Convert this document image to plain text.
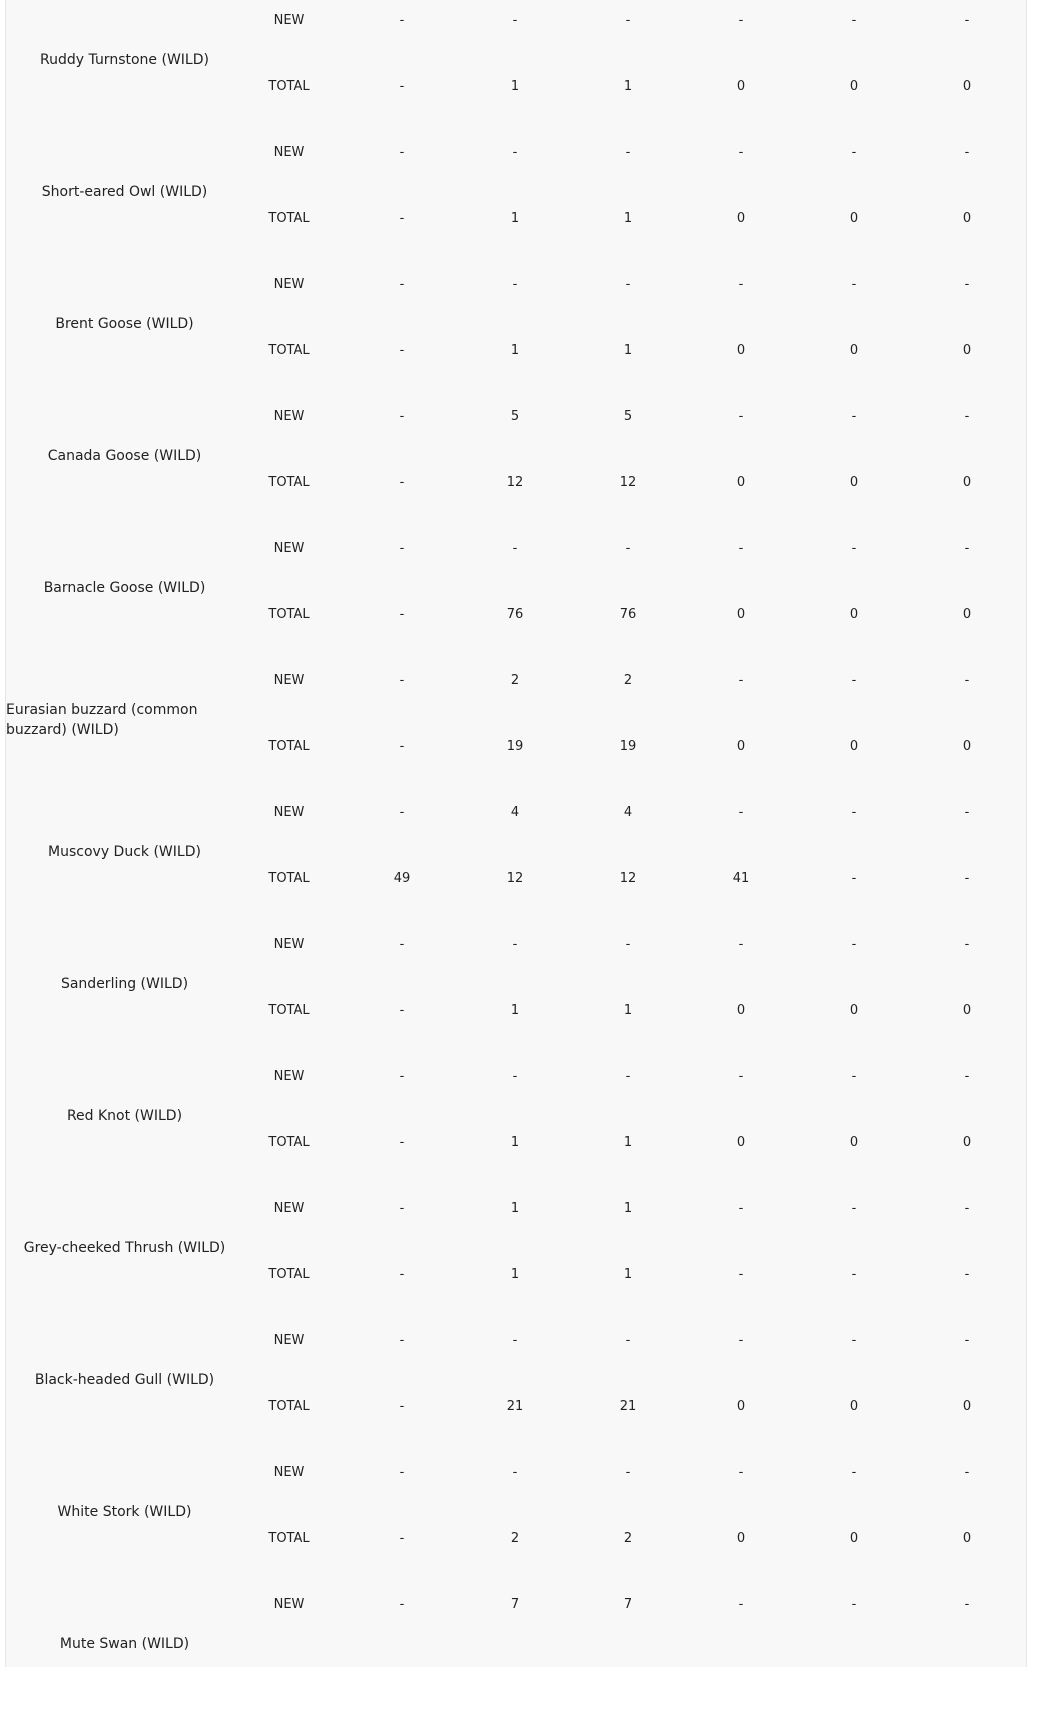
Ruddy Turnstone (WILD)
NEW	-	-	-	-	-	-
TOTAL	-	1	1	0	0	0
Short-eared Owl (WILD)
NEW	-	-	-	-	-	-
TOTAL	-	1	1	0	0	0
Brent Goose (WILD)
NEW	-	-	-	-	-	-
TOTAL	-	1	1	0	0	0
Canada Goose (WILD)
NEW	-	5	5	-	-	-
TOTAL	-	12	12	0	0	0
Barnacle Goose (WILD)
NEW	-	-	-	-	-	-
TOTAL	-	76	76	0	0	0
Eurasian buzzard (common buzzard) (WILD)
NEW	-	2	2	-	-	-
TOTAL	-	19	19	0	0	0
Muscovy Duck (WILD)
NEW	-	4	4	-	-	-
TOTAL	49	12	12	41	-	-
Sanderling (WILD)
NEW	-	-	-	-	-	-
TOTAL	-	1	1	0	0	0
Red Knot (WILD)
NEW	-	-	-	-	-	-
TOTAL	-	1	1	0	0	0
Grey-cheeked Thrush (WILD)
NEW	-	1	1	-	-	-
TOTAL	-	1	1	-	-	-
Black-headed Gull (WILD)
NEW	-	-	-	-	-	-
TOTAL	-	21	21	0	0	0
White Stork (WILD)
NEW	-	-	-	-	-	-
TOTAL	-	2	2	0	0	0
Mute Swan (WILD)
NEW	-	7	7	-	-	-
